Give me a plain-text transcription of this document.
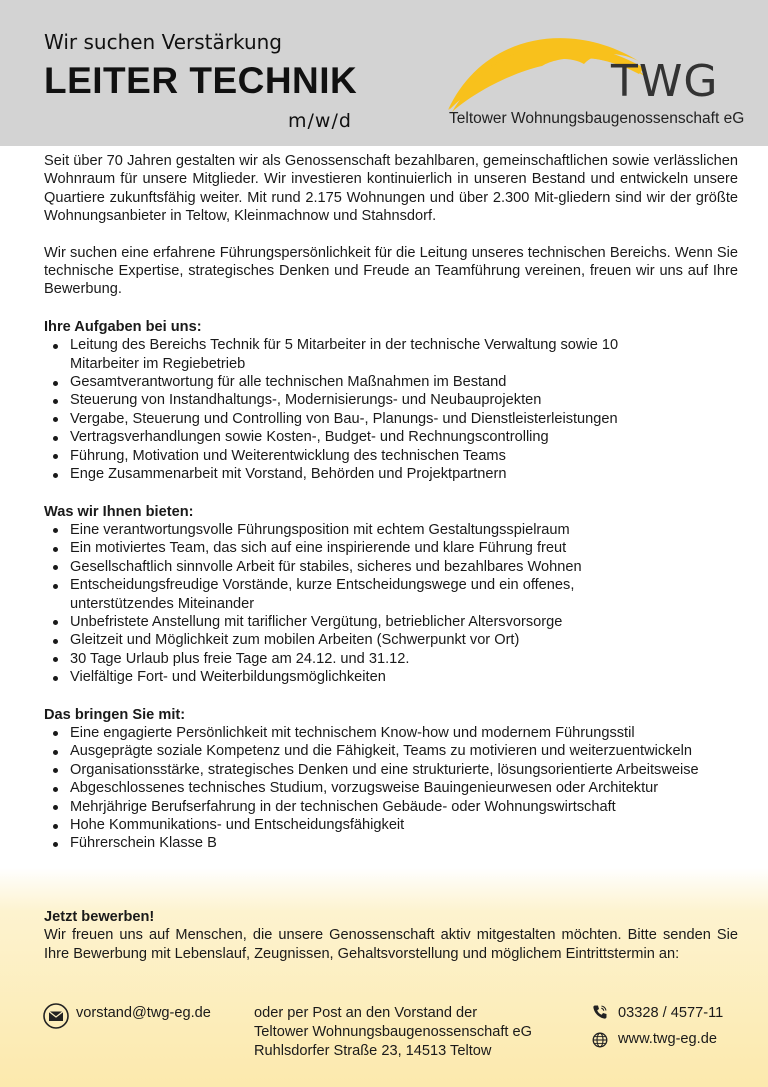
Wir suchen Verstärkung
LEITER TECHNIK
m/w/d
TWG
Teltower Wohnungsbaugenossenschaft eG

Seit über 70 Jahren gestalten wir als Genossenschaft bezahlbaren, gemeinschaftlichen sowie verlässlichen Wohnraum für unsere Mitglieder. Wir investieren kontinuierlich in unseren Bestand und entwickeln unsere Quartiere zukunftsfähig weiter. Mit rund 2.175 Wohnungen und über 2.300 Mit-gliedern sind wir der größte Wohnungsanbieter in Teltow, Kleinmachnow und Stahnsdorf.

Wir suchen eine erfahrene Führungspersönlichkeit für die Leitung unseres technischen Bereichs. Wenn Sie technische Expertise, strategisches Denken und Freude an Teamführung vereinen, freuen wir uns auf Ihre Bewerbung.

Ihre Aufgaben bei uns:
Leitung des Bereichs Technik für 5 Mitarbeiter in der technische Verwaltung sowie 10 Mitarbeiter im Regiebetrieb
Gesamtverantwortung für alle technischen Maßnahmen im Bestand
Steuerung von Instandhaltungs-, Modernisierungs- und Neubauprojekten
Vergabe, Steuerung und Controlling von Bau-, Planungs- und Dienstleisterleistungen
Vertragsverhandlungen sowie Kosten-, Budget- und Rechnungscontrolling
Führung, Motivation und Weiterentwicklung des technischen Teams
Enge Zusammenarbeit mit Vorstand, Behörden und Projektpartnern
Was wir Ihnen bieten:
Eine verantwortungsvolle Führungsposition mit echtem Gestaltungsspielraum
Ein motiviertes Team, das sich auf eine inspirierende und klare Führung freut
Gesellschaftlich sinnvolle Arbeit für stabiles, sicheres und bezahlbares Wohnen
Entscheidungsfreudige Vorstände, kurze Entscheidungswege und ein offenes, unterstützendes Miteinander
Unbefristete Anstellung mit tariflicher Vergütung, betrieblicher Altersvorsorge
Gleitzeit und Möglichkeit zum mobilen Arbeiten (Schwerpunkt vor Ort)
30 Tage Urlaub plus freie Tage am 24.12. und 31.12.
Vielfältige Fort- und Weiterbildungsmöglichkeiten
Das bringen Sie mit:
Eine engagierte Persönlichkeit mit technischem Know-how und modernem Führungsstil
Ausgeprägte soziale Kompetenz und die Fähigkeit, Teams zu motivieren und weiterzuentwickeln
Organisationsstärke, strategisches Denken und eine strukturierte, lösungsorientierte Arbeitsweise
Abgeschlossenes technisches Studium, vorzugsweise Bauingenieurwesen oder Architektur
Mehrjährige Berufserfahrung in der technischen Gebäude- oder Wohnungswirtschaft
Hohe Kommunikations- und Entscheidungsfähigkeit
Führerschein Klasse B
Jetzt bewerben!

Wir freuen uns auf Menschen, die unsere Genossenschaft aktiv mitgestalten möchten. Bitte senden Sie Ihre Bewerbung mit Lebenslauf, Zeugnissen, Gehaltsvorstellung und möglichem Eintrittstermin an:

vorstand@twg-eg.de	oder per Post an den Vorstand der
Teltower Wohnungsbaugenossenschaft eG
Ruhlsdorfer Straße 23, 14513 Teltow
03328 / 4577-11
www.twg-eg.de
